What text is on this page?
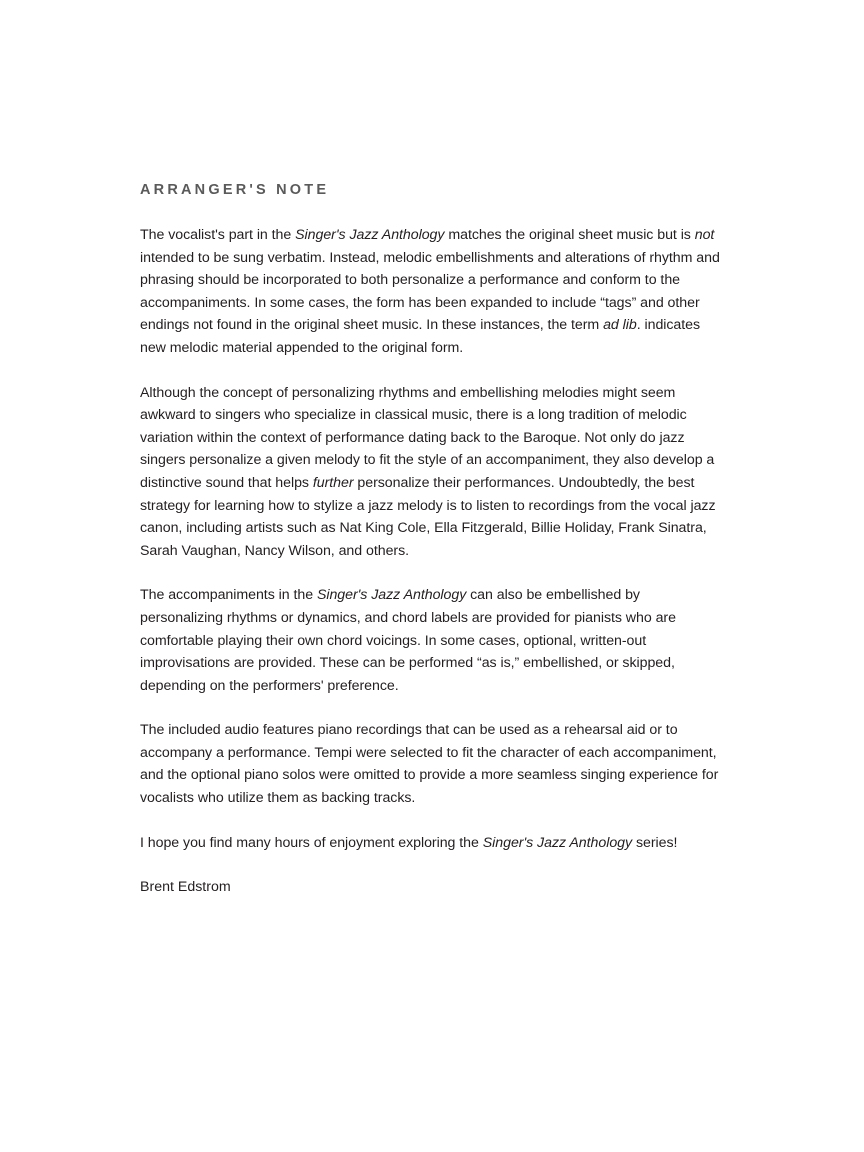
ARRANGER'S NOTE

The vocalist's part in the Singer's Jazz Anthology matches the original sheet music but is not intended to be sung verbatim. Instead, melodic embellishments and alterations of rhythm and phrasing should be incorporated to both personalize a performance and conform to the accompaniments. In some cases, the form has been expanded to include “tags” and other endings not found in the original sheet music. In these instances, the term ad lib. indicates new melodic material appended to the original form.

Although the concept of personalizing rhythms and embellishing melodies might seem awkward to singers who specialize in classical music, there is a long tradition of melodic variation within the context of performance dating back to the Baroque. Not only do jazz singers personalize a given melody to fit the style of an accompaniment, they also develop a distinctive sound that helps further personalize their performances. Undoubtedly, the best strategy for learning how to stylize a jazz melody is to listen to recordings from the vocal jazz canon, including artists such as Nat King Cole, Ella Fitzgerald, Billie Holiday, Frank Sinatra, Sarah Vaughan, Nancy Wilson, and others.

The accompaniments in the Singer's Jazz Anthology can also be embellished by personalizing rhythms or dynamics, and chord labels are provided for pianists who are comfortable playing their own chord voicings. In some cases, optional, written-out improvisations are provided. These can be performed “as is,” embellished, or skipped, depending on the performers' preference.

The included audio features piano recordings that can be used as a rehearsal aid or to accompany a performance. Tempi were selected to fit the character of each accompaniment, and the optional piano solos were omitted to provide a more seamless singing experience for vocalists who utilize them as backing tracks.

I hope you find many hours of enjoyment exploring the Singer's Jazz Anthology series!

Brent Edstrom
